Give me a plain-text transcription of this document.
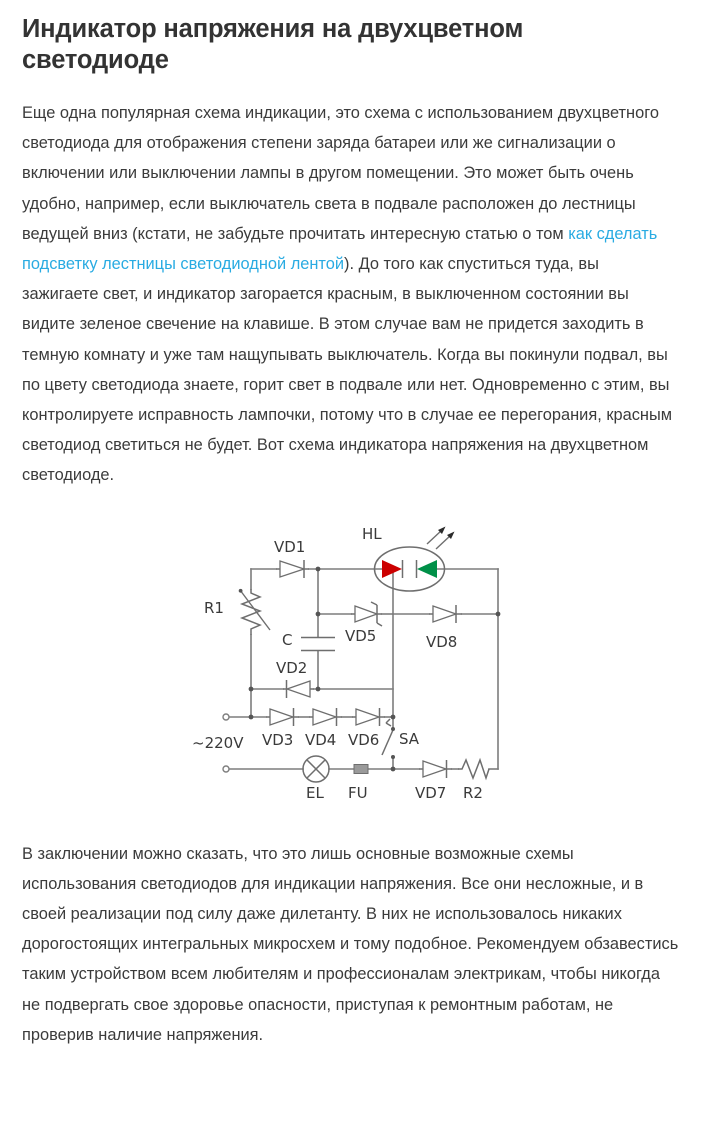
Индикатор напряжения на двухцветном светодиоде

Еще одна популярная схема индикации, это схема с использованием двухцветного светодиода для отображения степени заряда батареи или же сигнализации о включении или выключении лампы в другом помещении. Это может быть очень удобно, например, если выключатель света в подвале расположен до лестницы ведущей вниз (кстати, не забудьте прочитать интересную статью о том как сделать подсветку лестницы светодиодной лентой). До того как спуститься туда, вы зажигаете свет, и индикатор загорается красным, в выключенном состоянии вы видите зеленое свечение на клавише. В этом случае вам не придется заходить в темную комнату и уже там нащупывать выключатель. Когда вы покинули подвал, вы по цвету светодиода знаете, горит свет в подвале или нет. Одновременно с этим, вы контролируете исправность лампочки, потому что в случае ее перегорания, красным светодиод светиться не будет. Вот схема индикатора напряжения на двухцветном светодиоде.

R1
VD1
HL
VD5	VD8
C
VD2
VD3 VD4 VD6 SA
EL FU	VD7 R2
~220V

В заключении можно сказать, что это лишь основные возможные схемы использования светодиодов для индикации напряжения. Все они несложные, и в своей реализации под силу даже дилетанту. В них не использовалось никаких дорогостоящих интегральных микросхем и тому подобное. Рекомендуем обзавестись таким устройством всем любителям и профессионалам электрикам, чтобы никогда не подвергать свое здоровье опасности, приступая к ремонтным работам, не проверив наличие напряжения.
